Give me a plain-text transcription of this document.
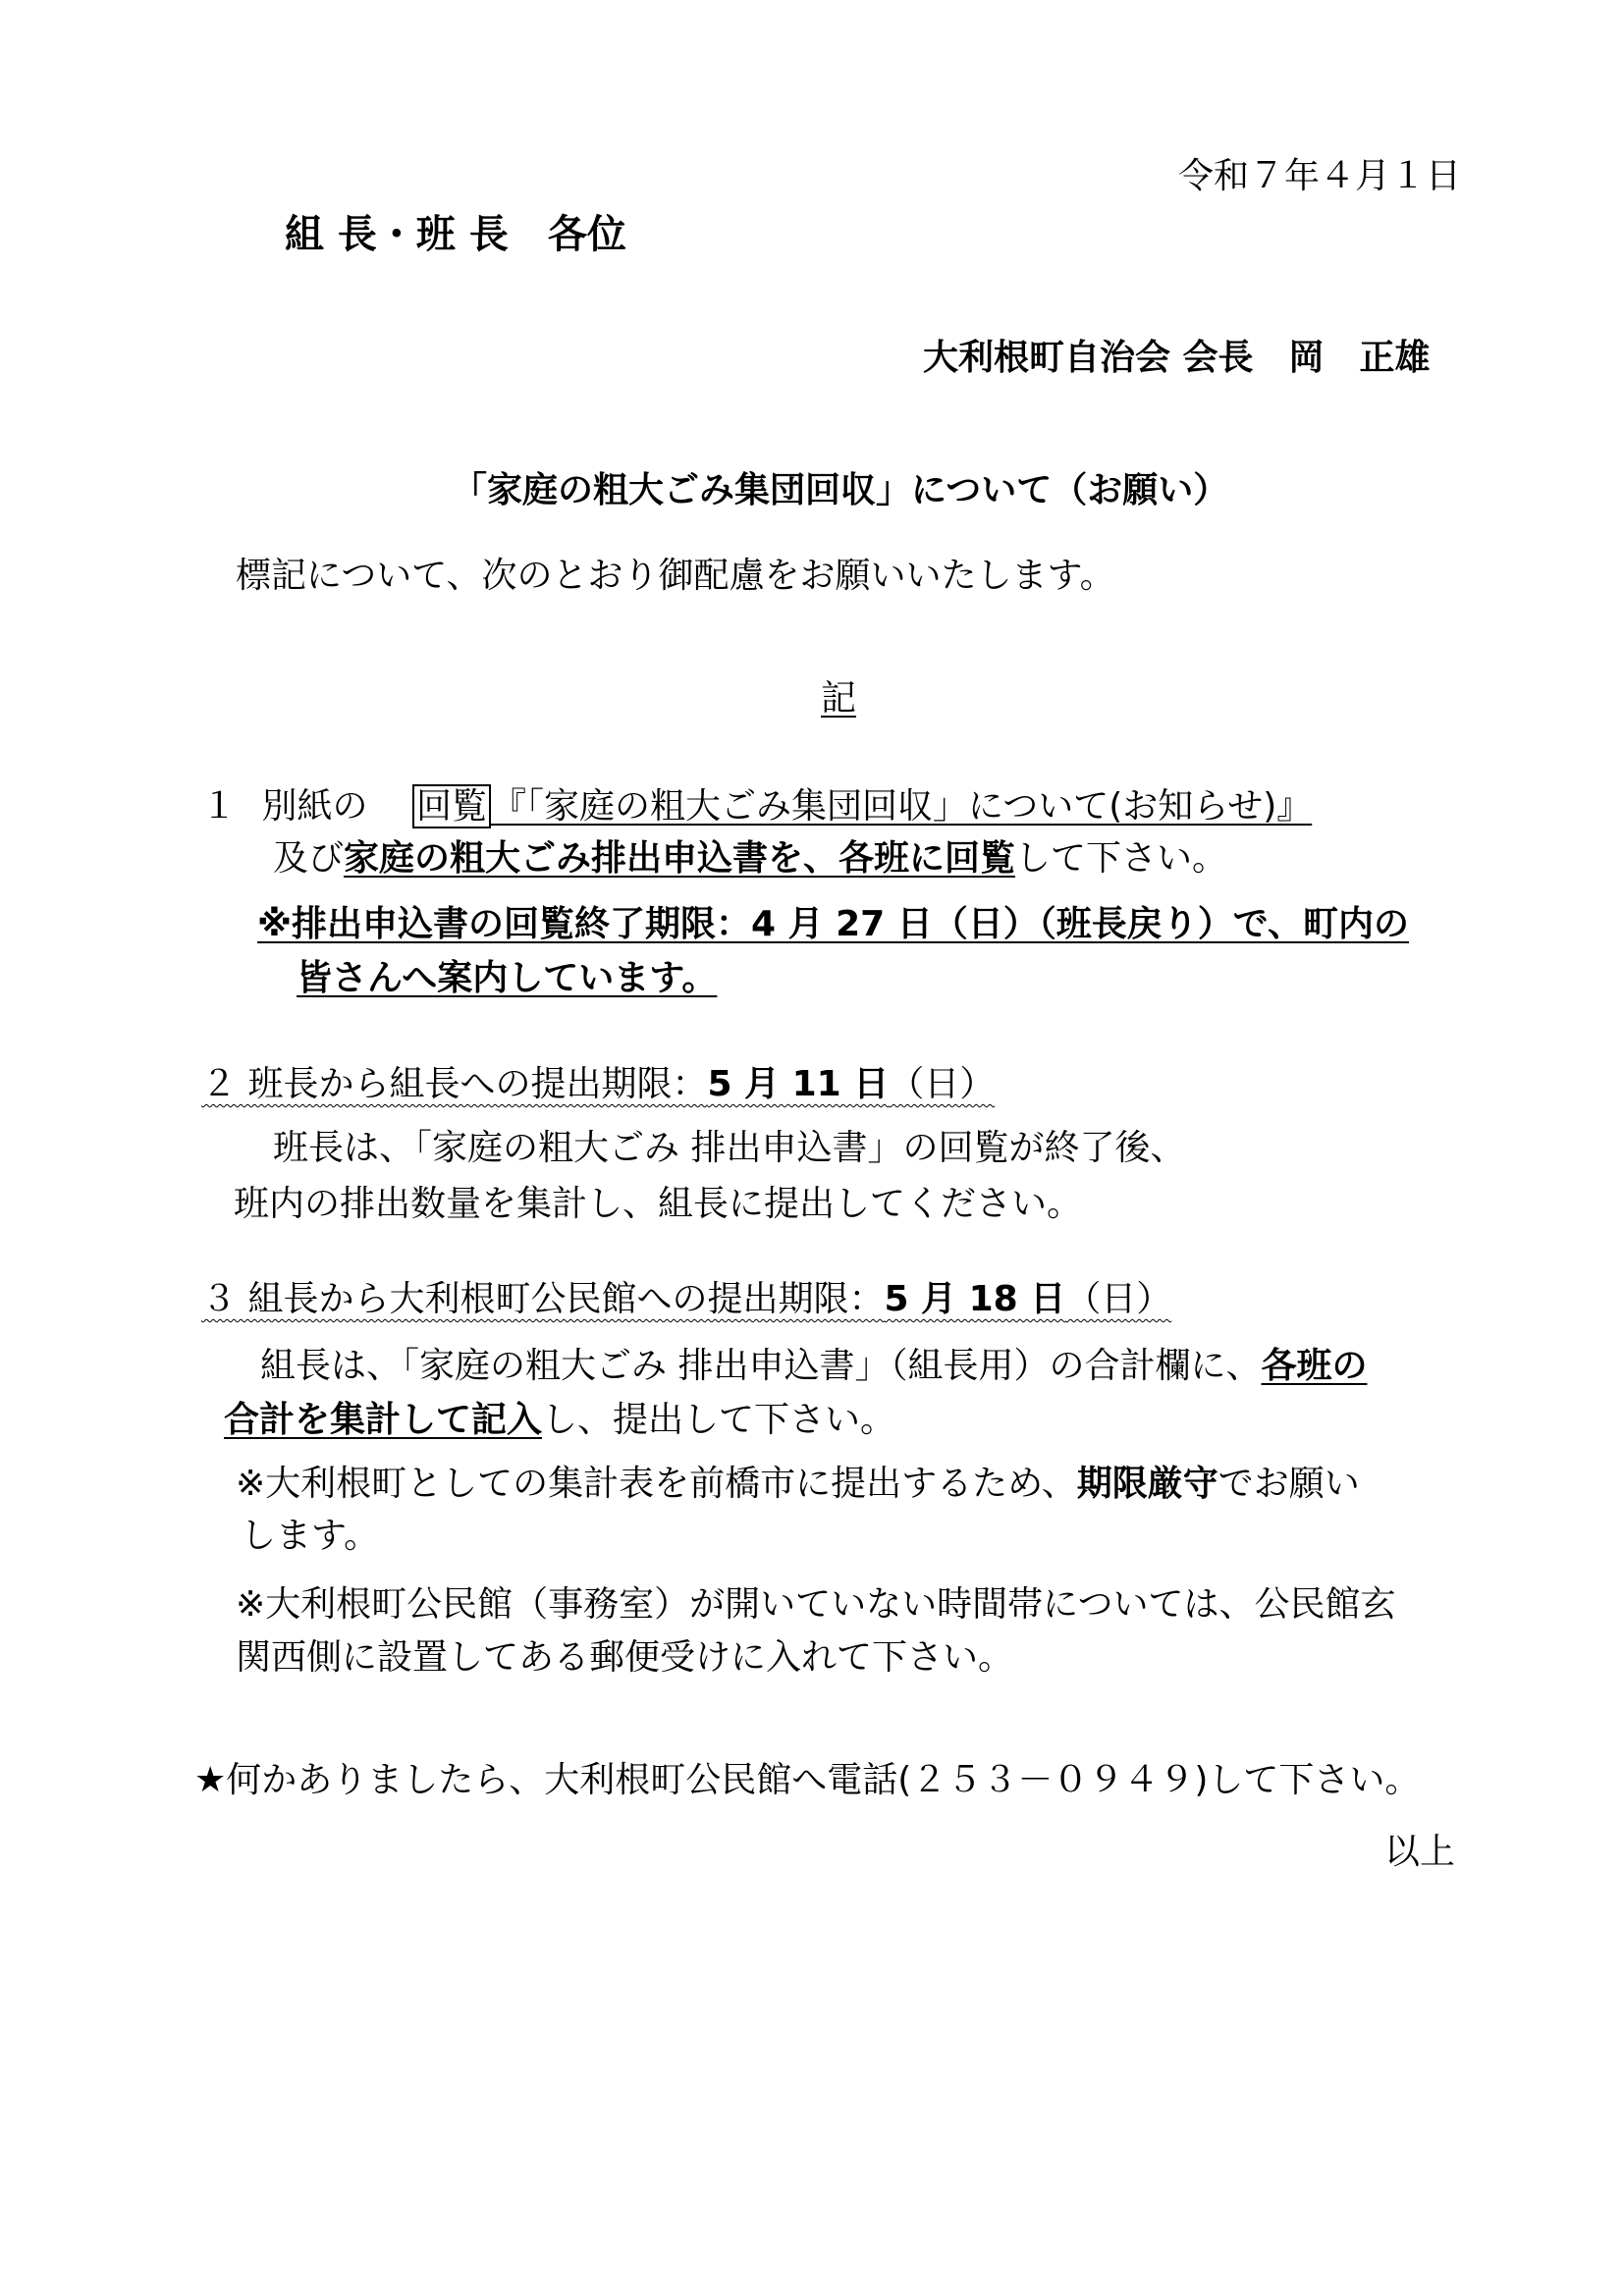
令和７年４月１日
組 長・班 長　各位
大利根町自治会 会長　岡　正雄
「家庭の粗大ごみ集団回収」について（お願い）
標記について、次のとおり御配慮をお願いいたします。
記
１ 別紙の 回覧 『「家庭の粗大ごみ集団回収」について(お知らせ)』
及び家庭の粗大ごみ排出申込書を、各班に回覧して下さい。
※排出申込書の回覧終了期限：4 月 27 日（日）（班長戻り）で、町内の
皆さんへ案内しています。
２ 班長から組長への提出期限：5 月 11 日（日）
班長は、「家庭の粗大ごみ 排出申込書」の回覧が終了後、
班内の排出数量を集計し、組長に提出してください。
３ 組長から大利根町公民館への提出期限：5 月 18 日（日）
組長は、「家庭の粗大ごみ 排出申込書」（組長用）の合計欄に、各班の
合計を集計して記入し、提出して下さい。
※大利根町としての集計表を前橋市に提出するため、期限厳守でお願い
します。
※大利根町公民館（事務室）が開いていない時間帯については、公民館玄
関西側に設置してある郵便受けに入れて下さい。
★何かありましたら、大利根町公民館へ電話(２５３－０９４９)して下さい。
以上
